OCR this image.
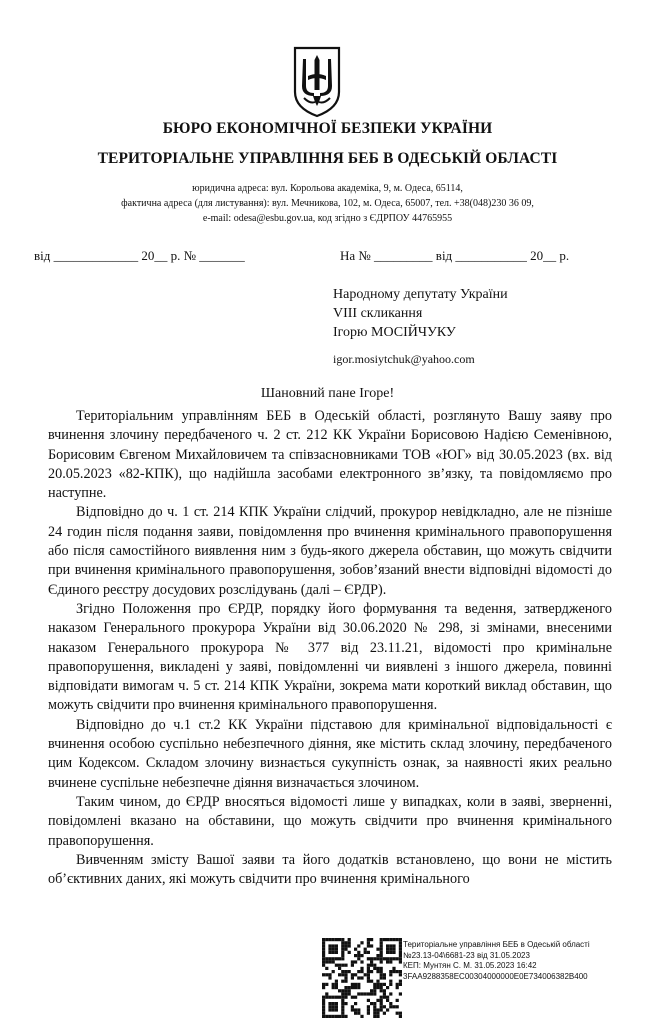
БЮРО ЕКОНОМІЧНОЇ БЕЗПЕКИ УКРАЇНИ
ТЕРИТОРІАЛЬНЕ УПРАВЛІННЯ БЕБ В ОДЕСЬКІЙ ОБЛАСТІ
юридична адреса: вул. Корольова академіка, 9, м. Одеса, 65114,
фактична адреса (для листування): вул. Мечникова, 102, м. Одеса, 65007, тел. +38(048)230 36 09,
e-mail: odesa@esbu.gov.ua, код згідно з ЄДРПОУ 44765955
від _____________ 20__ р. № _______	На № _________ від ___________ 20__ р.
Народному депутату України
VIII скликання
Ігорю МОСІЙЧУКУ
igor.mosiytchuk@yahoo.com
Шановний пане Ігоре!

Територіальним управлінням БЕБ в Одеській області, розглянуто Вашу заяву про вчинення злочину передбаченого ч. 2 ст. 212 КК України Борисовою Надією Семенівною, Борисовим Євгеном Михайловичем та співзасновниками ТОВ «ЮГ» від 30.05.2023 (вх. від 20.05.2023 «82-КПК), що надійшла засобами електронного зв’язку, та повідомляємо про наступне.

Відповідно до ч. 1 ст. 214 КПК України слідчий, прокурор невідкладно, але не пізніше 24 годин після подання заяви, повідомлення про вчинення кримінального правопорушення або після самостійного виявлення ним з будь-якого джерела обставин, що можуть свідчити при вчинення кримінального правопорушення, зобов’язаний внести відповідні відомості до Єдиного реєстру досудових розслідувань (далі – ЄРДР).

Згідно Положення про ЄРДР, порядку його формування та ведення, затвердженого наказом Генерального прокурора України від 30.06.2020 № 298, зі змінами, внесеними наказом Генерального прокурора № 377 від 23.11.21, відомості про кримінальне правопорушення, викладені у заяві, повідомленні чи виявлені з іншого джерела, повинні відповідати вимогам ч. 5 ст. 214 КПК України, зокрема мати короткий виклад обставин, що можуть свідчити про вчинення кримінального правопорушення.

Відповідно до ч.1 ст.2 КК України підставою для кримінальної відповідальності є вчинення особою суспільно небезпечного діяння, яке містить склад злочину, передбаченого цим Кодексом. Складом злочину визнається сукупність ознак, за наявності яких реально вчинене суспільне небезпечне діяння визначається злочином.

Таким чином, до ЄРДР вносяться відомості лише у випадках, коли в заяві, зверненні, повідомлені вказано на обставини, що можуть свідчити про вчинення кримінального правопорушення.

Вивченням змісту Вашої заяви та його додатків встановлено, що вони не містить об’єктивних даних, які можуть свідчити про вчинення кримінального

Територіальне управління БЕБ в Одеській області
№23.13-04\6681-23 від 31.05.2023
КЕП: Мунтян С. М. 31.05.2023 16:42
3FAA9288358EC00304000000E0E734006382B400
